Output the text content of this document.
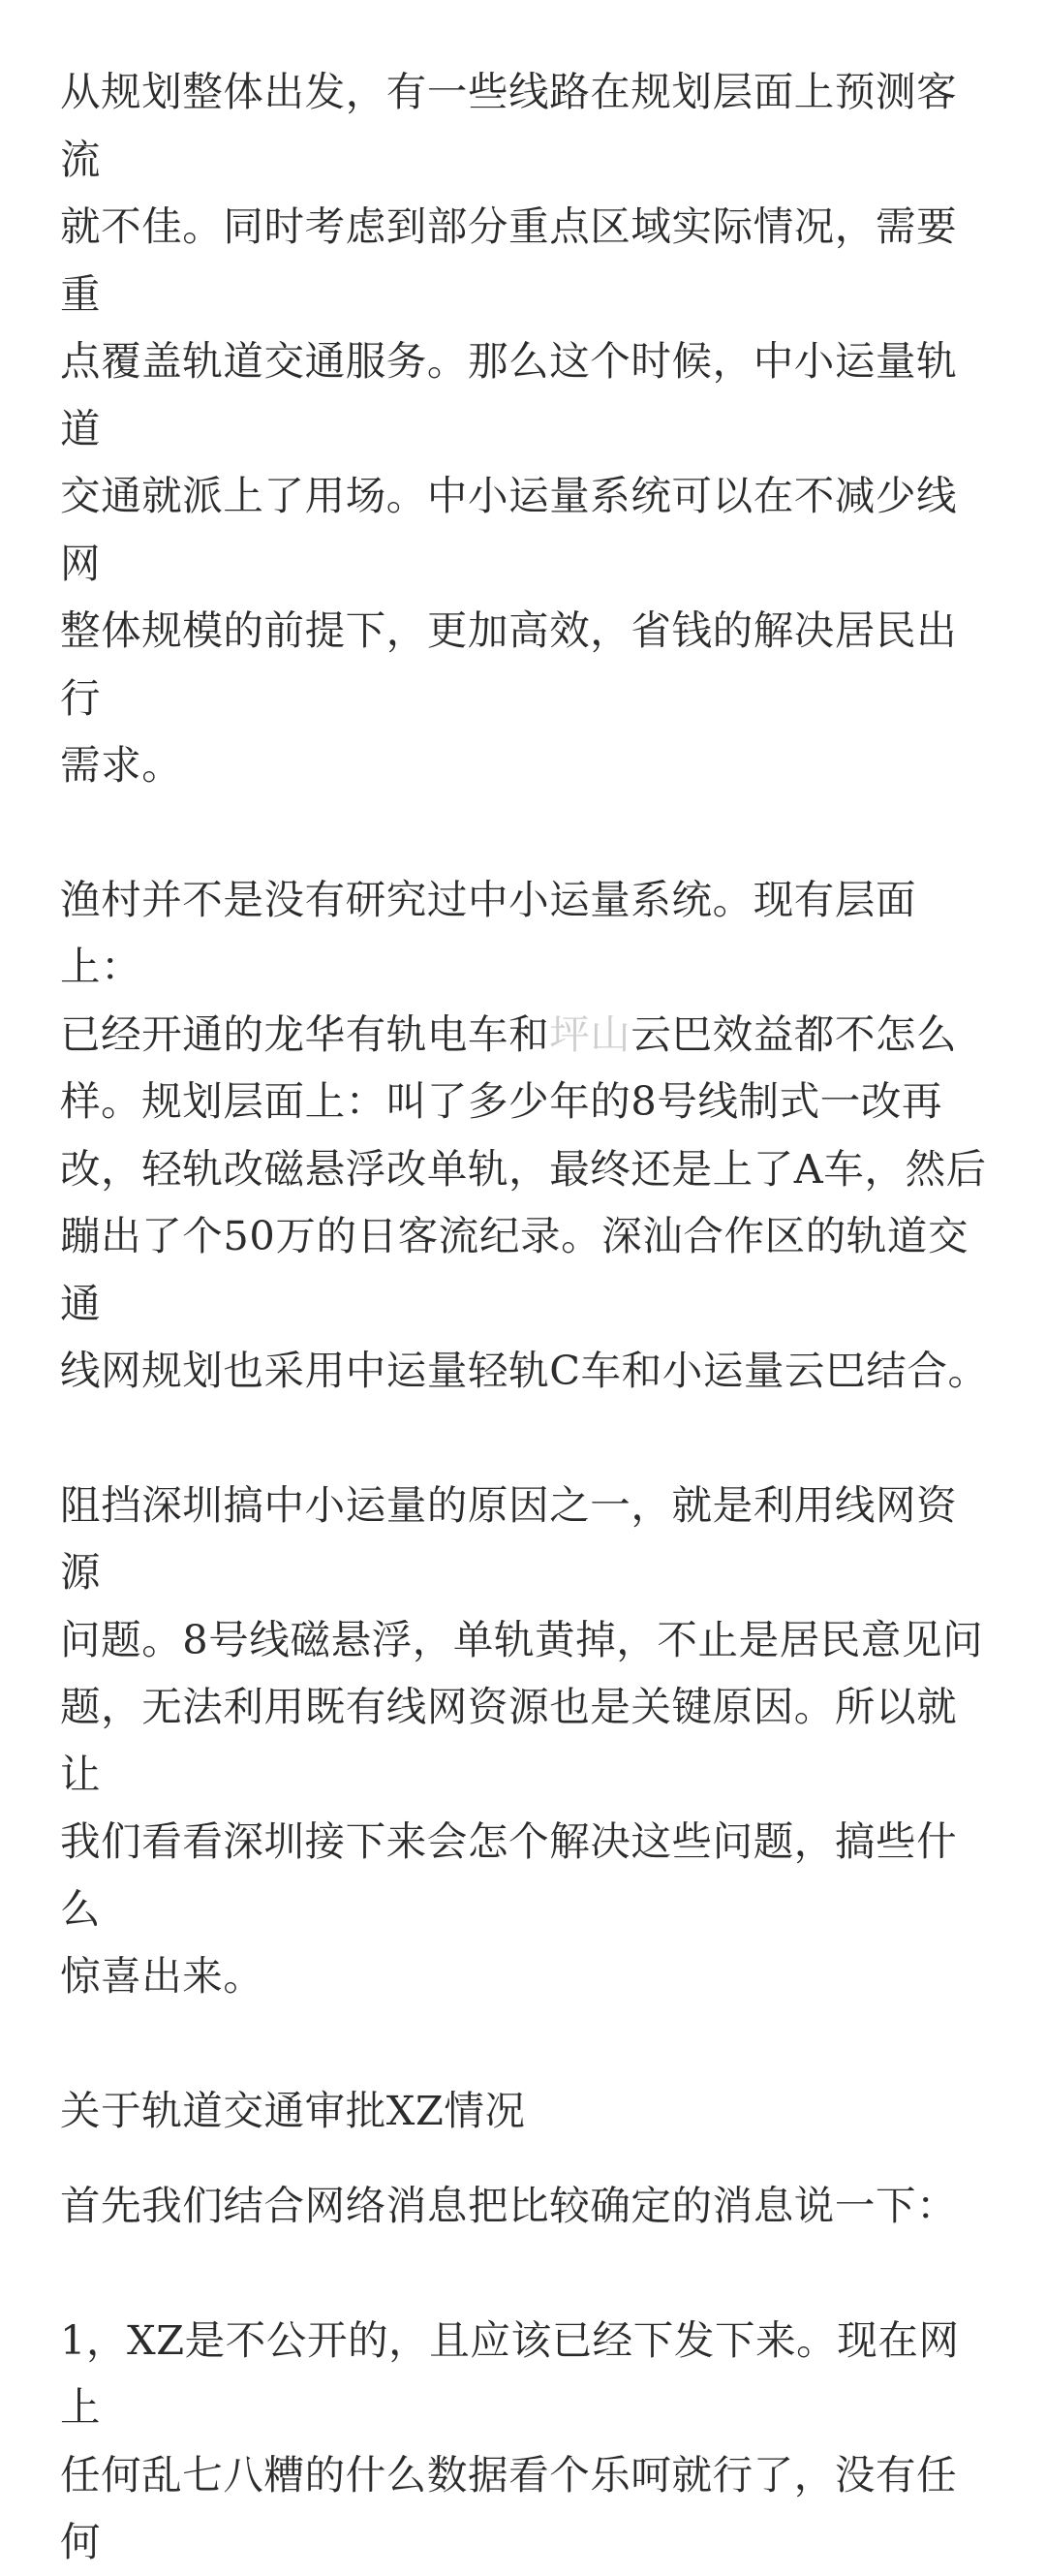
从规划整体出发，有一些线路在规划层面上预测客流
就不佳。同时考虑到部分重点区域实际情况，需要重
点覆盖轨道交通服务。那么这个时候，中小运量轨道
交通就派上了用场。中小运量系统可以在不减少线网
整体规模的前提下，更加高效，省钱的解决居民出行
需求。

渔村并不是没有研究过中小运量系统。现有层面上：
已经开通的龙华有轨电车和坪山云巴效益都不怎么
样。规划层面上：叫了多少年的8号线制式一改再
改，轻轨改磁悬浮改单轨，最终还是上了A车，然后
蹦出了个50万的日客流纪录。深汕合作区的轨道交通
线网规划也采用中运量轻轨C车和小运量云巴结合。

阻挡深圳搞中小运量的原因之一，就是利用线网资源
问题。8号线磁悬浮，单轨黄掉，不止是居民意见问
题，无法利用既有线网资源也是关键原因。所以就让
我们看看深圳接下来会怎个解决这些问题，搞些什么
惊喜出来。

关于轨道交通审批XZ情况

首先我们结合网络消息把比较确定的消息说一下：

1，XZ是不公开的，且应该已经下发下来。现在网上
任何乱七八糟的什么数据看个乐呵就行了，没有任何
